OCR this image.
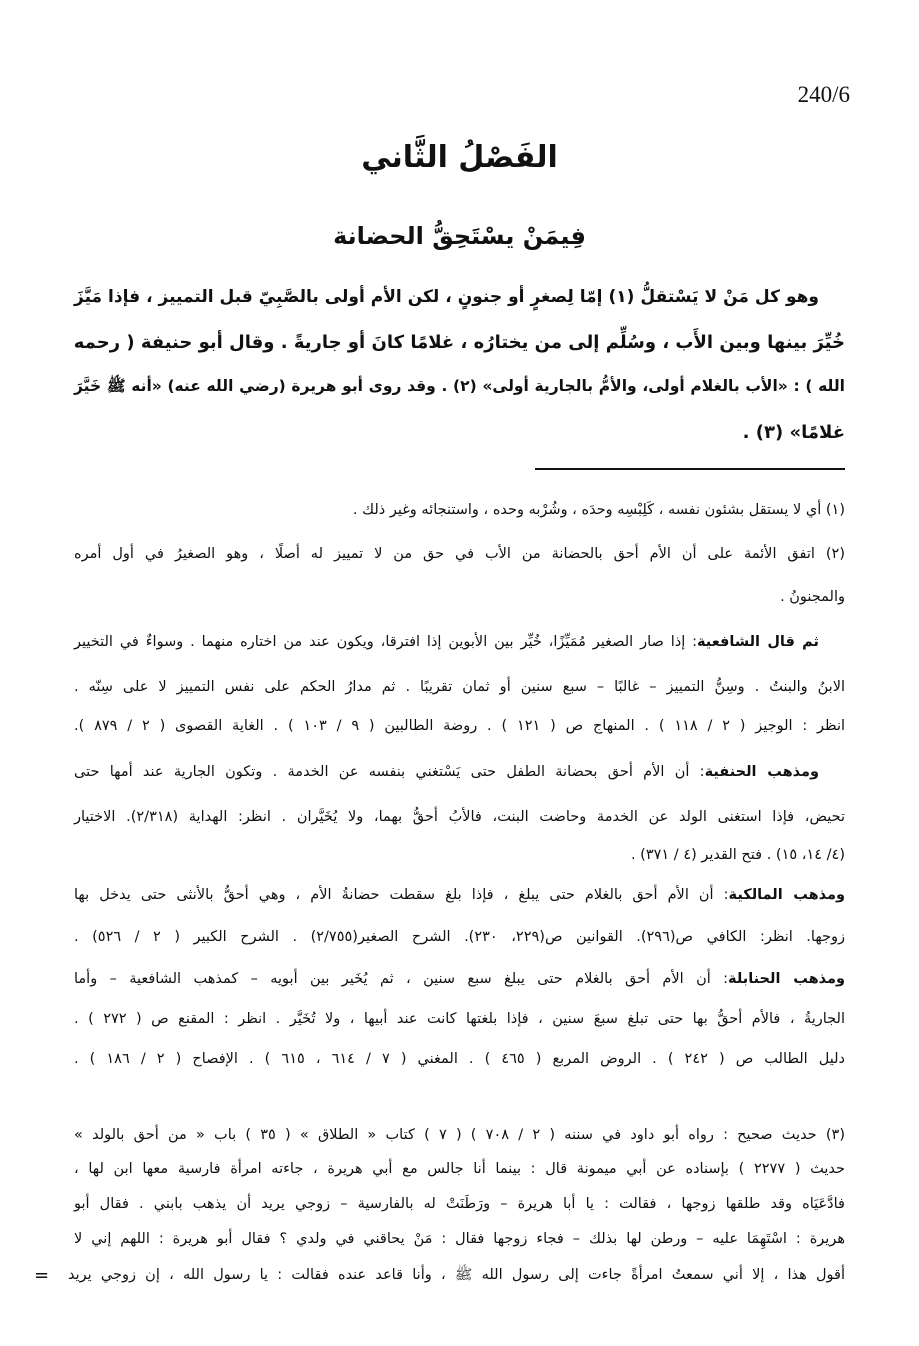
240/6
الفَصْلُ الثَّاني
فِيمَنْ يسْتَحِقُّ الحضانة
وهو كل مَنْ لا يَسْتقلُّ (١) إمّا لِصغرٍ أو جنونٍ ، لكن الأم أولى بالصَّبِيّ قبل التمييز ، فإذا مَيَّزَ
خُيِّرَ بينها وبين الأَب ، وسُلِّم إلى من يختارُه ، غلامًا كانَ أو جاريةً . وقال أبو حنيفة ( رحمه
الله ) : «الأب بالغلام أولى، والأمُّ بالجارية أولى» (٢) . وقد روى أبو هريرة (رضي الله عنه) «أنه ﷺ خَيَّرَ
غلامًا» (٣) .
(١) أي لا يستقل بشئون نفسه ، كَلِبْسِه وحدَه ، وشُرْبه وحده ، واستنجائه وغير ذلك .
(٢) اتفق الأئمة على أن الأم أحق بالحضانة من الأب في حق من لا تمييز له أصلًا ، وهو الصغيرُ في أول أمره
والمجنونُ .
ثم قال الشافعية: إذا صار الصغير مُمَيِّزًا، خُيِّر بين الأبوين إذا افترقا، ويكون عند من اختاره منهما . وسواءٌ في التخيير
الابنُ والبنتُ . وسِنُّ التمييز – غالبًا – سبع سنين أو ثمان تقريبًا . ثم مدارُ الحكم على نفس التمييز لا على سِنّه .
انظر : الوجيز ( ٢ / ١١٨ ) . المنهاج ص ( ١٢١ ) . روضة الطالبين ( ٩ / ١٠٣ ) . الغاية القصوى ( ٢ / ٨٧٩ ).
ومذهب الحنفية: أن الأم أحق بحضانة الطفل حتى يَسْتغني بنفسه عن الخدمة . وتكون الجارية عند أمها حتى
تحيض، فإذا استغنى الولد عن الخدمة وحاضت البنت، فالأبُ أحقُّ بهما، ولا يُخَيَّران . انظر: الهداية (٢/٣١٨). الاختيار
(٤/ ١٤، ١٥) . فتح القدير (٤ / ٣٧١) .
ومذهب المالكية: أن الأم أحق بالغلام حتى يبلغ ، فإذا بلغ سقطت حضانةُ الأم ، وهي أحقُّ بالأنثى حتى يدخل بها
زوجها. انظر: الكافي ص(٢٩٦). القوانين ص(٢٢٩، ٢٣٠). الشرح الصغير(٢/٧٥٥) . الشرح الكبير ( ٢ / ٥٢٦) .
ومذهب الحنابلة: أن الأم أحق بالغلام حتى يبلغ سبع سنين ، ثم يُخَير بين أبويه – كمذهب الشافعية – وأما
الجاريةُ ، فالأم أحقُّ بها حتى تبلغ سبعَ سنين ، فإذا بلغتها كانت عند أبيها ، ولا تُخَيَّر . انظر : المقنع ص ( ٢٧٢ ) .
دليل الطالب ص ( ٢٤٢ ) . الروض المربع ( ٤٦٥ ) . المغني ( ٧ / ٦١٤ ، ٦١٥ ) . الإفصاح ( ٢ / ١٨٦ ) .
(٣) حديث صحيح : رواه أبو داود في سننه ( ٢ / ٧٠٨ ) ( ٧ ) كتاب « الطلاق » ( ٣٥ ) باب « من أحق بالولد »
حديث ( ٢٢٧٧ ) بإسناده عن أبي ميمونة قال : بينما أنا جالس مع أبي هريرة ، جاءته امرأة فارسية معها ابن لها ،
فادَّعَيَاه وقد طلقها زوجها ، فقالت : يا أبا هريرة – ورَطَنَتْ له بالفارسية – زوجي يريد أن يذهب بابني . فقال أبو
هريرة : اسْتَهِمَا عليه – ورطن لها بذلك – فجاء زوجها فقال : مَنْ يحاقني في ولدي ؟ فقال أبو هريرة : اللهم إني لا
أقول هذا ، إلا أني سمعتُ امرأةً جاءت إلى رسول الله ﷺ ، وأنا قاعد عنده فقالت : يا رسول الله ، إن زوجي يريد
=
